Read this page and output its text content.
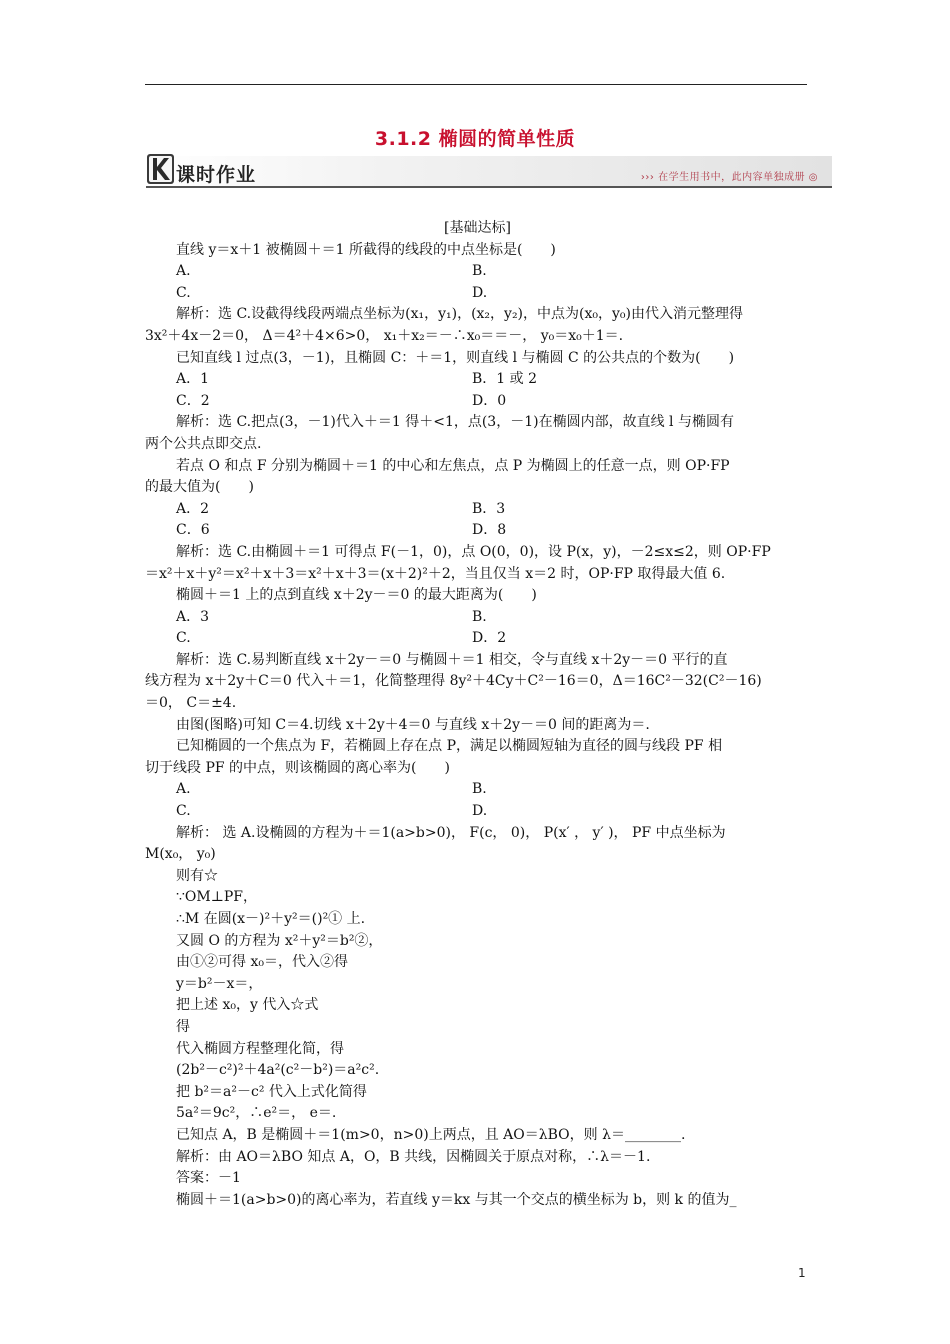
3.1.2 椭圆的简单性质
课时作业	››› 在学生用书中，此内容单独成册 ◎
[基础达标]
直线 y＝x＋1 被椭圆＋＝1 所截得的线段的中点坐标是(　　)
A.	B.
C.	D.
解析：选 C.设截得线段两端点坐标为(x₁，y₁)，(x₂，y₂)，中点为(x₀，y₀)由代入消元整理得
3x²＋4x－2＝0， Δ＝4²＋4×6>0， x₁＋x₂＝－∴x₀＝＝－， y₀＝x₀＋1＝.
已知直线 l 过点(3，－1)，且椭圆 C：＋＝1，则直线 l 与椭圆 C 的公共点的个数为(　　)
A．1	B．1 或 2
C．2	D．0
解析：选 C.把点(3，－1)代入＋＝1 得＋<1，点(3，－1)在椭圆内部，故直线 l 与椭圆有
两个公共点即交点.
若点 O 和点 F 分别为椭圆＋＝1 的中心和左焦点，点 P 为椭圆上的任意一点，则 OP·FP
的最大值为(　　)
A．2	B．3
C．6	D．8
解析：选 C.由椭圆＋＝1 可得点 F(－1，0)，点 O(0，0)，设 P(x，y)，－2≤x≤2，则 OP·FP
＝x²＋x＋y²＝x²＋x＋3＝x²＋x＋3＝(x＋2)²＋2，当且仅当 x＝2 时，OP·FP 取得最大值 6.
椭圆＋＝1 上的点到直线 x＋2y－＝0 的最大距离为(　　)
A．3	B.
C.	D．2
解析：选 C.易判断直线 x＋2y－＝0 与椭圆＋＝1 相交，令与直线 x＋2y－＝0 平行的直
线方程为 x＋2y＋C＝0 代入＋＝1，化简整理得 8y²＋4Cy＋C²－16＝0，Δ＝16C²－32(C²－16)
＝0， C＝±4.
由图(图略)可知 C＝4.切线 x＋2y＋4＝0 与直线 x＋2y－＝0 间的距离为＝.
已知椭圆的一个焦点为 F，若椭圆上存在点 P，满足以椭圆短轴为直径的圆与线段 PF 相
切于线段 PF 的中点，则该椭圆的离心率为(　　)
A.	B.
C.	D.
解析： 选 A.设椭圆的方程为＋＝1(a>b>0)， F(c， 0)， P(x′ ， y′ )， PF 中点坐标为
M(x₀， y₀)
则有☆
∵OM⊥PF，
∴M 在圆(x－)²＋y²＝()²① 上.
又圆 O 的方程为 x²＋y²＝b²②，
由①②可得 x₀＝，代入②得
y＝b²－x＝，
把上述 x₀，y 代入☆式
得
代入椭圆方程整理化简，得
(2b²－c²)²＋4a²(c²－b²)＝a²c².
把 b²＝a²－c² 代入上式化简得
5a²＝9c²，∴e²＝， e＝.
已知点 A，B 是椭圆＋＝1(m>0，n>0)上两点，且 AO＝λBO，则 λ＝________.
解析：由 AO＝λBO 知点 A，O，B 共线，因椭圆关于原点对称，∴λ＝－1.
答案：－1
椭圆＋＝1(a>b>0)的离心率为，若直线 y＝kx 与其一个交点的横坐标为 b，则 k 的值为_
1
